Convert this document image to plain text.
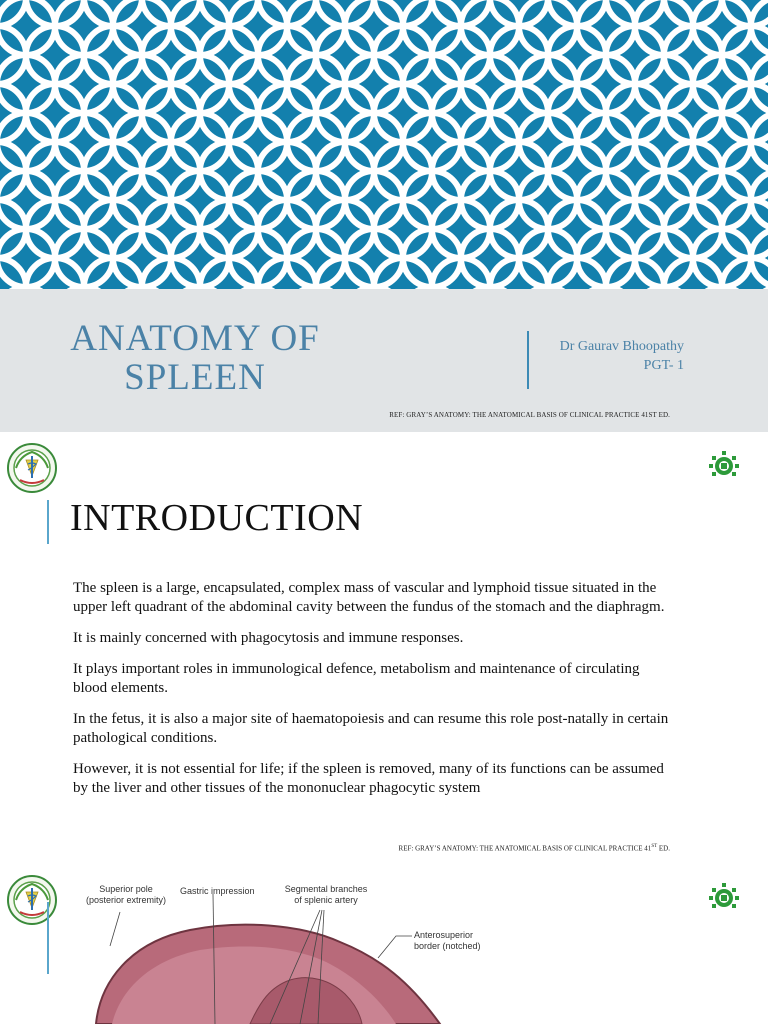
ANATOMY OF
SPLEEN
Dr Gaurav Bhoopathy
PGT- 1
REF: GRAY’S ANATOMY: THE ANATOMICAL BASIS OF CLINICAL PRACTICE 41ST ED.
INTRODUCTION

The spleen is a large, encapsulated, complex mass of vascular and lymphoid tissue situated in the upper left quadrant of the abdominal cavity between the fundus of the stomach and the diaphragm.

It is mainly concerned with phagocytosis and immune responses.

It plays important roles in immunological defence, metabolism and maintenance of circulating blood elements.

In the fetus, it is also a major site of haematopoiesis and can resume this role post-natally in certain pathological conditions.

However, it is not essential for life; if the spleen is removed, many of its functions can be assumed by the liver and other tissues of the mononuclear phagocytic system

REF: GRAY’S ANATOMY: THE ANATOMICAL BASIS OF CLINICAL PRACTICE 41ST ED.
Superior pole
(posterior extremity)
Gastric impression	Segmental branches
of splenic artery
Anterosuperior
border (notched)
